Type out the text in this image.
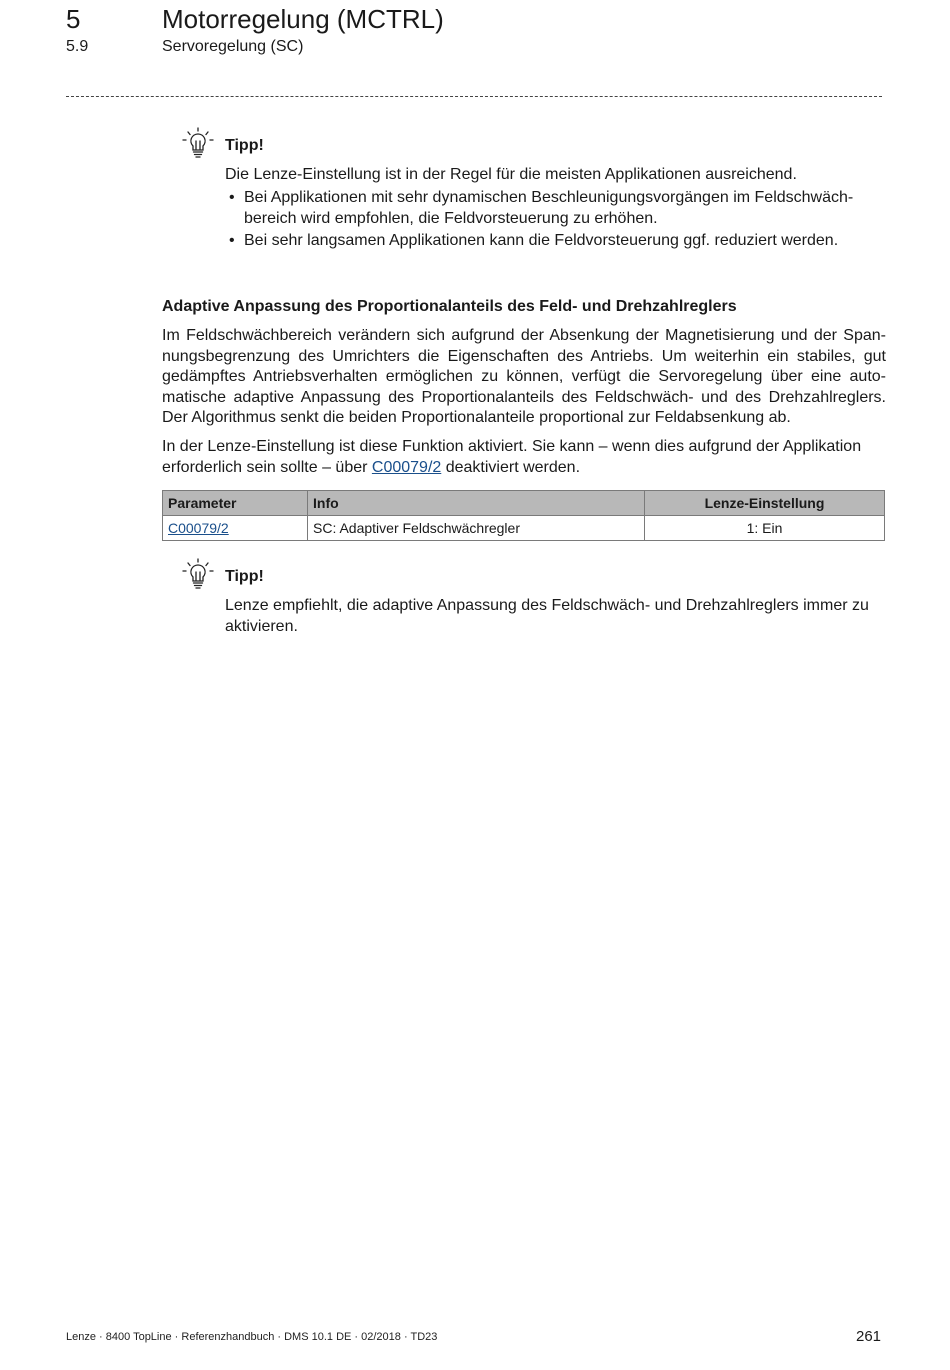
5	Motorregelung (MCTRL)
5.9	Servoregelung (SC)
Tipp!
Die Lenze-Einstellung ist in der Regel für die meisten Applikationen ausreichend.
• Bei Applikationen mit sehr dynamischen Beschleunigungsvorgängen im Feldschwäch-bereich wird empfohlen, die Feldvorsteuerung zu erhöhen.
• Bei sehr langsamen Applikationen kann die Feldvorsteuerung ggf. reduziert werden.
Adaptive Anpassung des Proportionalanteils des Feld- und Drehzahlreglers
Im Feldschwächbereich verändern sich aufgrund der Absenkung der Magnetisierung und der Span-nungsbegrenzung des Umrichters die Eigenschaften des Antriebs. Um weiterhin ein stabiles, gut gedämpftes Antriebsverhalten ermöglichen zu können, verfügt die Servoregelung über eine auto-matische adaptive Anpassung des Proportionalanteils des Feldschwäch- und des Drehzahlreglers. Der Algorithmus senkt die beiden Proportionalanteile proportional zur Feldabsenkung ab.
In der Lenze-Einstellung ist diese Funktion aktiviert. Sie kann – wenn dies aufgrund der Applikation erforderlich sein sollte – über C00079/2 deaktiviert werden.
Parameter	Info	Lenze-Einstellung
C00079/2	SC: Adaptiver Feldschwächregler	1: Ein
Tipp!
Lenze empfiehlt, die adaptive Anpassung des Feldschwäch- und Drehzahlreglers immer zu aktivieren.
Lenze · 8400 TopLine · Referenzhandbuch · DMS 10.1 DE · 02/2018 · TD23	261
